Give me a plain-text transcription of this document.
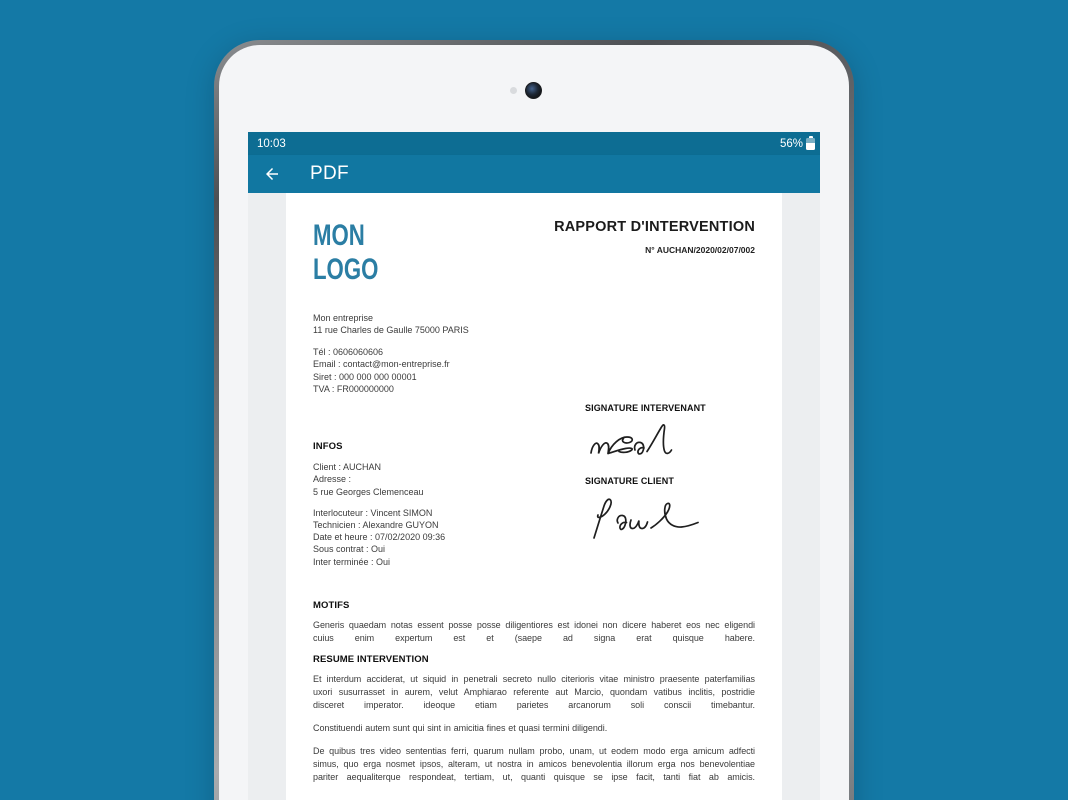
10:03	56%
PDF
MON
LOGO
RAPPORT D'INTERVENTION
N° AUCHAN/2020/02/07/002
Mon entreprise
11 rue Charles de Gaulle 75000 PARIS
Tél : 0606060606
Email : contact@mon-entreprise.fr
Siret : 000 000 000 00001
TVA : FR000000000
SIGNATURE INTERVENANT
SIGNATURE CLIENT
INFOS
Client : AUCHAN
Adresse :
5 rue Georges Clemenceau
Interlocuteur : Vincent SIMON
Technicien : Alexandre GUYON
Date et heure : 07/02/2020 09:36
Sous contrat : Oui
Inter terminée : Oui
MOTIFS
Generis quaedam notas essent posse posse diligentiores est idonei non dicere haberet eos nec eligendi cuius enim expertum est et (saepe ad signa erat quisque habere.
RESUME INTERVENTION
Et interdum acciderat, ut siquid in penetrali secreto nullo citerioris vitae ministro praesente paterfamilias uxori susurrasset in aurem, velut Amphiarao referente aut Marcio, quondam vatibus inclitis, postridie disceret imperator. ideoque etiam parietes arcanorum soli conscii timebantur.
Constituendi autem sunt qui sint in amicitia fines et quasi termini diligendi.
De quibus tres video sententias ferri, quarum nullam probo, unam, ut eodem modo erga amicum adfecti simus, quo erga nosmet ipsos, alteram, ut nostra in amicos benevolentia illorum erga nos benevolentiae pariter aequaliterque respondeat, tertiam, ut, quanti quisque se ipse facit, tanti fiat ab amicis.
